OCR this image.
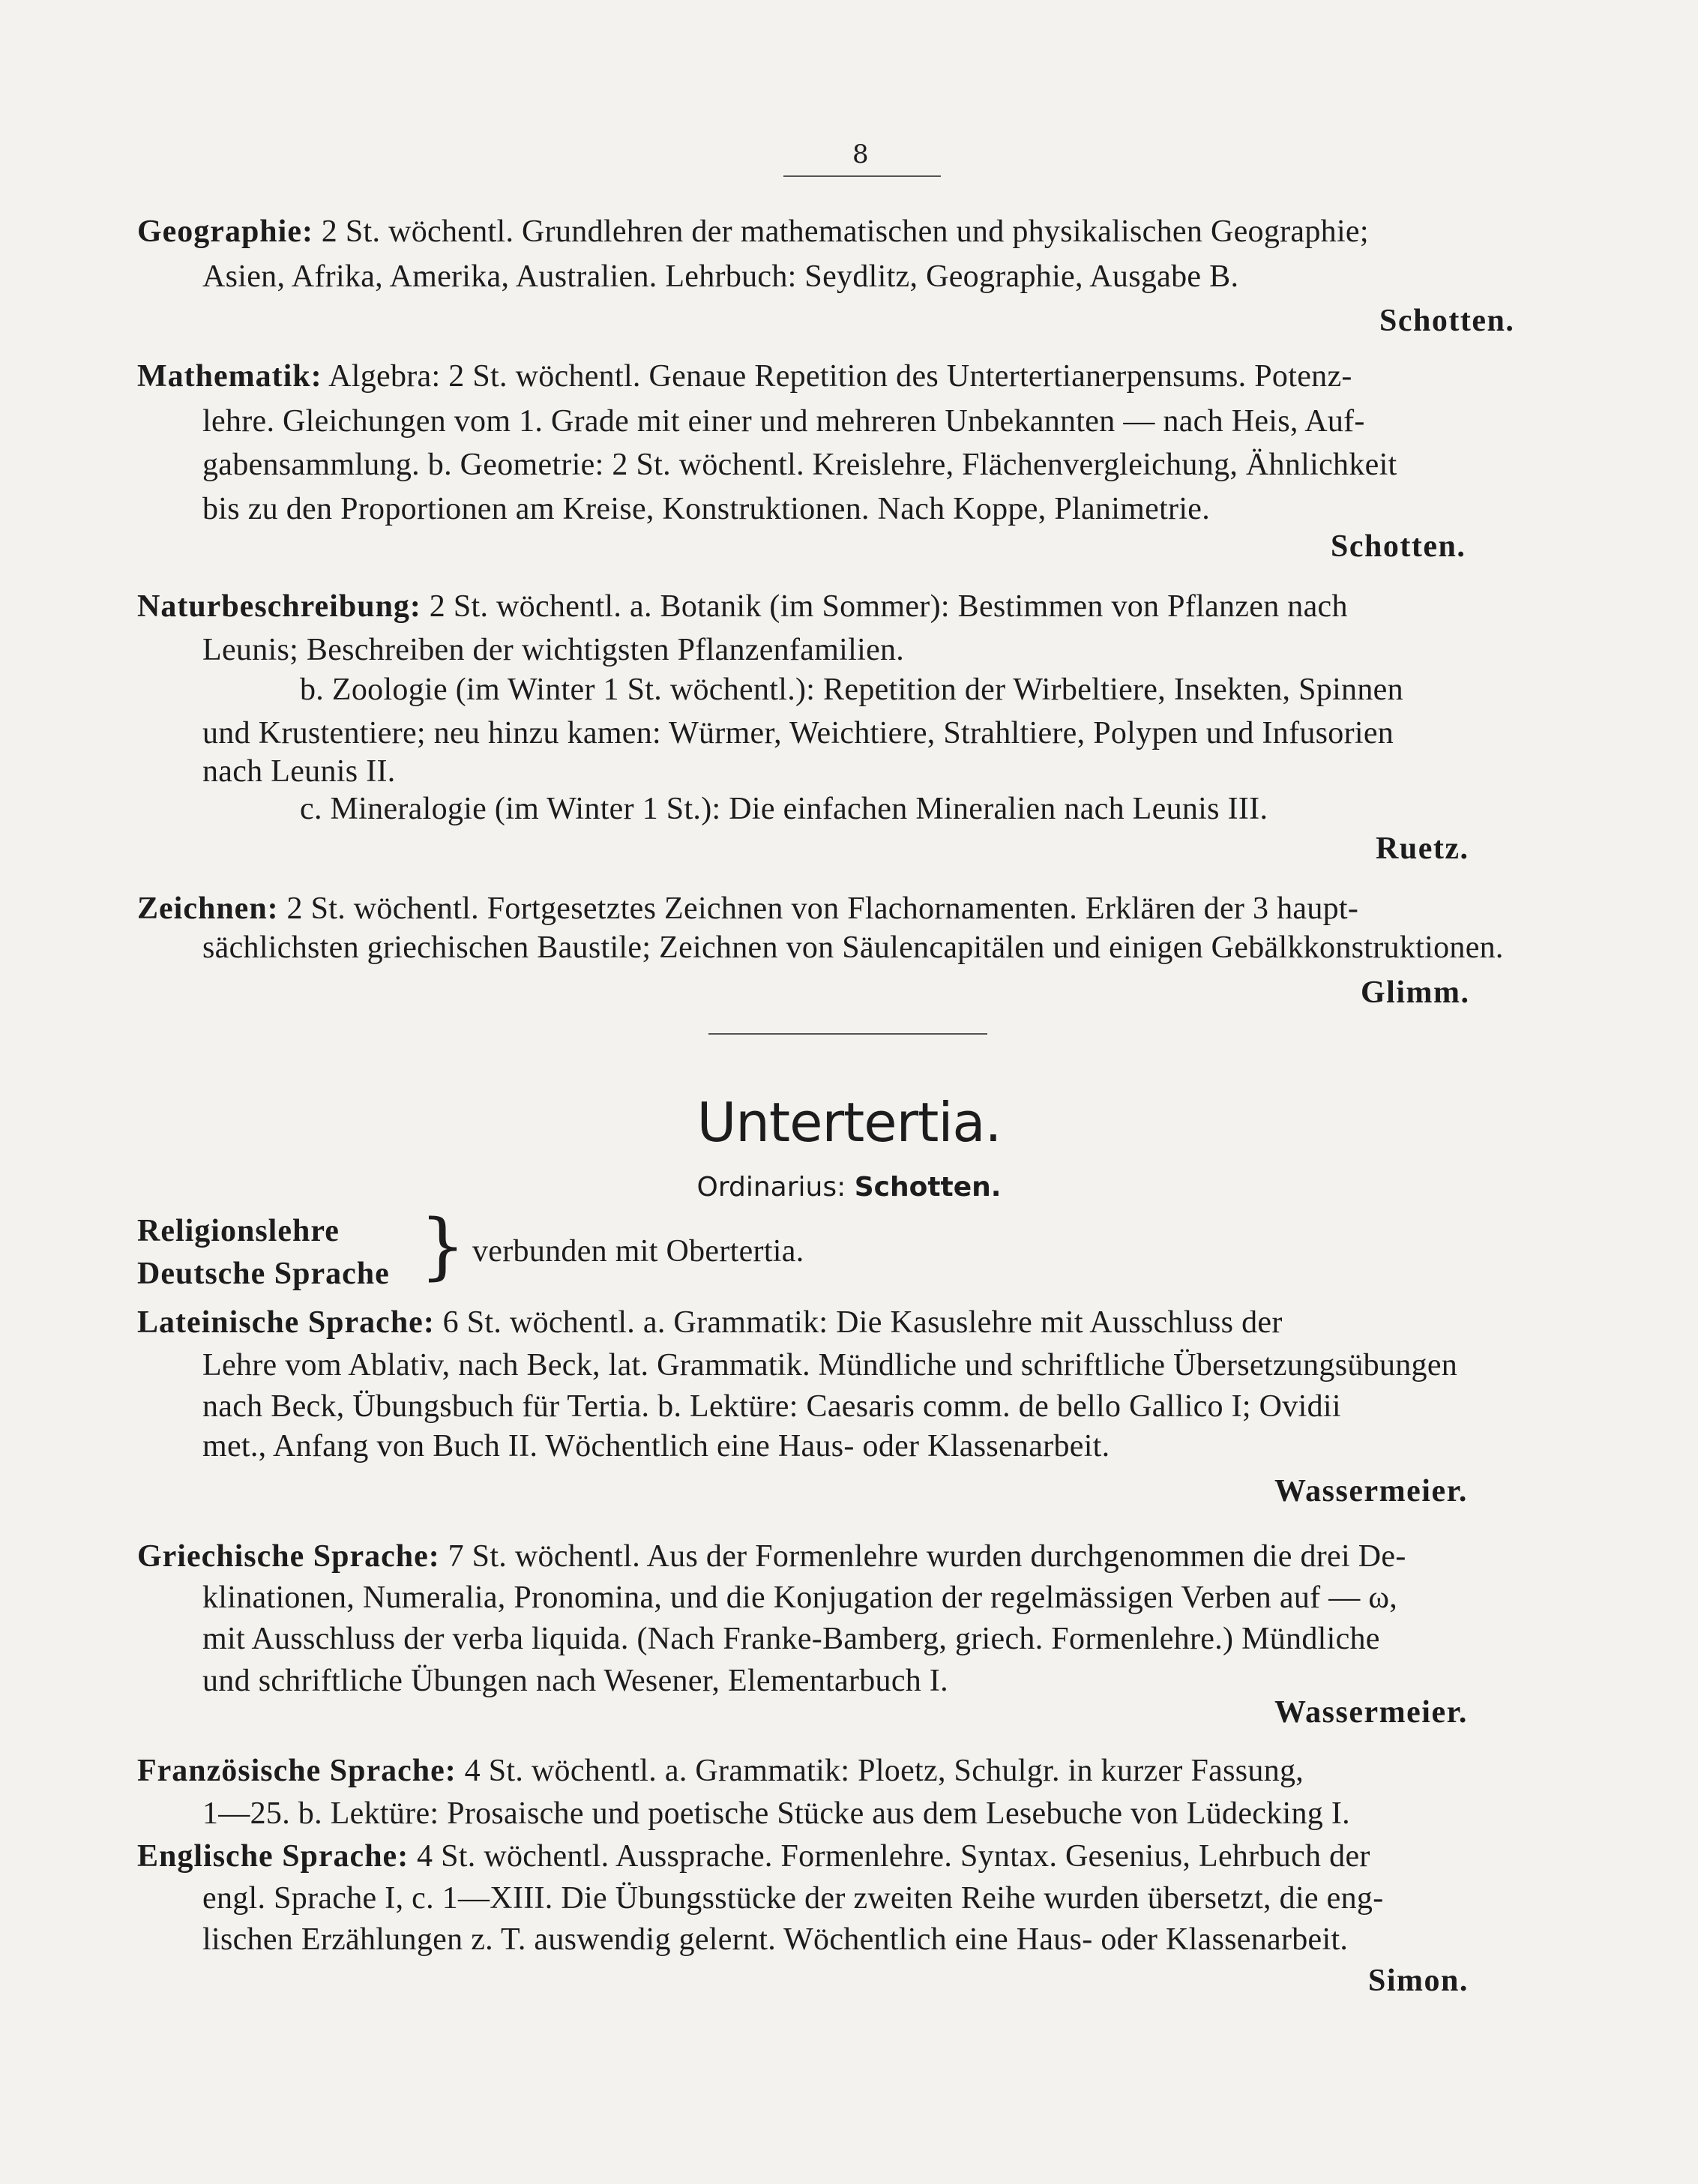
8
Geographie: 2 St. wöchentl. Grundlehren der mathematischen und physikalischen Geographie;
Asien, Afrika, Amerika, Australien. Lehrbuch: Seydlitz, Geographie, Ausgabe B.
Schotten.
Mathematik: Algebra: 2 St. wöchentl. Genaue Repetition des Untertertianerpensums. Potenz-
lehre. Gleichungen vom 1. Grade mit einer und mehreren Unbekannten — nach Heis, Auf-
gabensammlung. b. Geometrie: 2 St. wöchentl. Kreislehre, Flächenvergleichung, Ähnlichkeit
bis zu den Proportionen am Kreise, Konstruktionen. Nach Koppe, Planimetrie.
Schotten.
Naturbeschreibung: 2 St. wöchentl. a. Botanik (im Sommer): Bestimmen von Pflanzen nach
Leunis; Beschreiben der wichtigsten Pflanzenfamilien.
b. Zoologie (im Winter 1 St. wöchentl.): Repetition der Wirbeltiere, Insekten, Spinnen
und Krustentiere; neu hinzu kamen: Würmer, Weichtiere, Strahltiere, Polypen und Infusorien
nach Leunis II.
c. Mineralogie (im Winter 1 St.): Die einfachen Mineralien nach Leunis III.
Ruetz.
Zeichnen: 2 St. wöchentl. Fortgesetztes Zeichnen von Flachornamenten. Erklären der 3 haupt-
sächlichsten griechischen Baustile; Zeichnen von Säulencapitälen und einigen Gebälkkonstruktionen.
Glimm.
Untertertia.
Ordinarius: Schotten.
Religionslehre
Deutsche Sprache } verbunden mit Obertertia.
Lateinische Sprache: 6 St. wöchentl. a. Grammatik: Die Kasuslehre mit Ausschluss der
Lehre vom Ablativ, nach Beck, lat. Grammatik. Mündliche und schriftliche Übersetzungsübungen
nach Beck, Übungsbuch für Tertia. b. Lektüre: Caesaris comm. de bello Gallico I; Ovidii
met., Anfang von Buch II. Wöchentlich eine Haus- oder Klassenarbeit.
Wassermeier.
Griechische Sprache: 7 St. wöchentl. Aus der Formenlehre wurden durchgenommen die drei De-
klinationen, Numeralia, Pronomina, und die Konjugation der regelmässigen Verben auf — ω,
mit Ausschluss der verba liquida. (Nach Franke-Bamberg, griech. Formenlehre.) Mündliche
und schriftliche Übungen nach Wesener, Elementarbuch I.
Wassermeier.
Französische Sprache: 4 St. wöchentl. a. Grammatik: Ploetz, Schulgr. in kurzer Fassung,
1—25. b. Lektüre: Prosaische und poetische Stücke aus dem Lesebuche von Lüdecking I.
Englische Sprache: 4 St. wöchentl. Aussprache. Formenlehre. Syntax. Gesenius, Lehrbuch der
engl. Sprache I, c. 1—XIII. Die Übungsstücke der zweiten Reihe wurden übersetzt, die eng-
lischen Erzählungen z. T. auswendig gelernt. Wöchentlich eine Haus- oder Klassenarbeit.
Simon.
